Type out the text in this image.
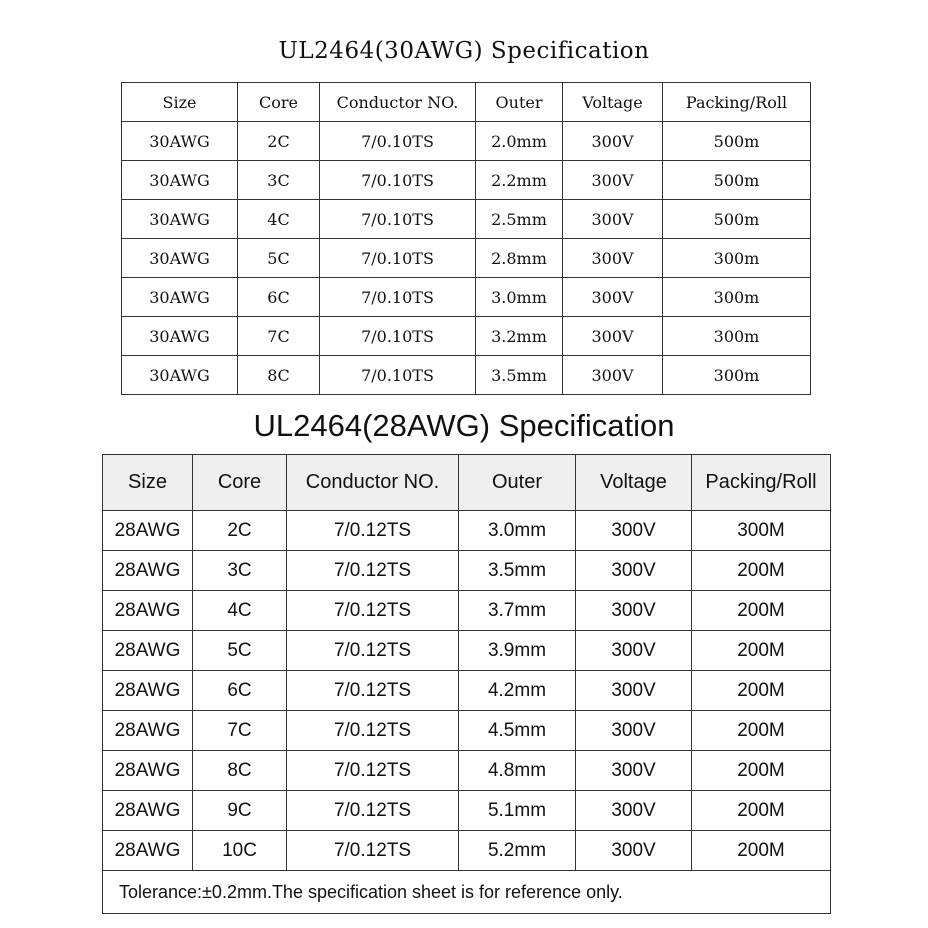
UL2464(30AWG) Specification
Size	Core	Conductor NO.	Outer	Voltage	Packing/Roll
30AWG	2C	7/0.10TS	2.0mm	300V	500m
30AWG	3C	7/0.10TS	2.2mm	300V	500m
30AWG	4C	7/0.10TS	2.5mm	300V	500m
30AWG	5C	7/0.10TS	2.8mm	300V	300m
30AWG	6C	7/0.10TS	3.0mm	300V	300m
30AWG	7C	7/0.10TS	3.2mm	300V	300m
30AWG	8C	7/0.10TS	3.5mm	300V	300m
UL2464(28AWG) Specification
Size	Core	Conductor NO.	Outer	Voltage	Packing/Roll
28AWG	2C	7/0.12TS	3.0mm	300V	300M
28AWG	3C	7/0.12TS	3.5mm	300V	200M
28AWG	4C	7/0.12TS	3.7mm	300V	200M
28AWG	5C	7/0.12TS	3.9mm	300V	200M
28AWG	6C	7/0.12TS	4.2mm	300V	200M
28AWG	7C	7/0.12TS	4.5mm	300V	200M
28AWG	8C	7/0.12TS	4.8mm	300V	200M
28AWG	9C	7/0.12TS	5.1mm	300V	200M
28AWG	10C	7/0.12TS	5.2mm	300V	200M
Tolerance:±0.2mm.The specification sheet is for reference only.					
